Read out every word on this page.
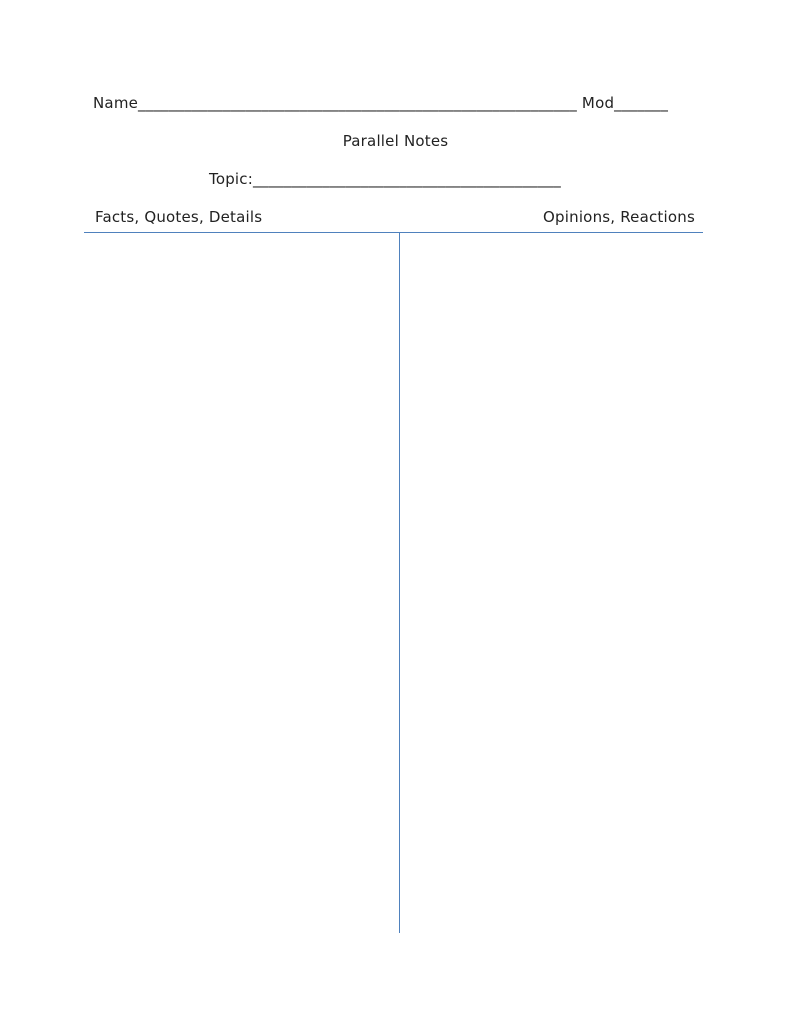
Name_________________________________________________________ Mod_______
Parallel Notes
Topic:________________________________________
Facts, Quotes, Details	Opinions, Reactions
